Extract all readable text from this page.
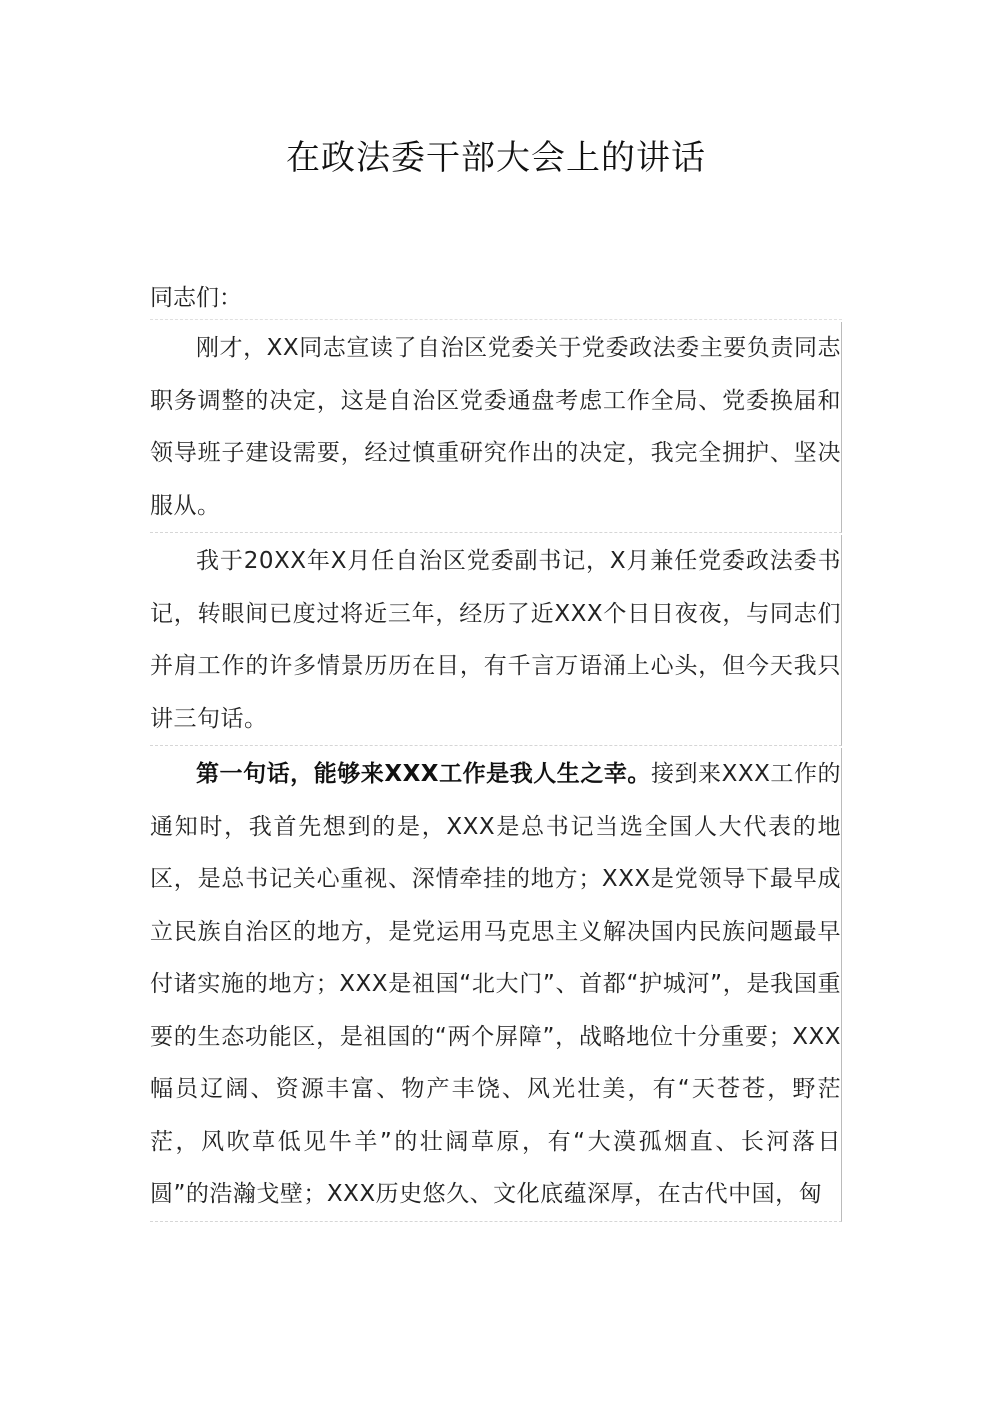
在政法委干部大会上的讲话
同志们：

刚才，XX同志宣读了自治区党委关于党委政法委主要负责同志职务调整的决定，这是自治区党委通盘考虑工作全局、党委换届和领导班子建设需要，经过慎重研究作出的决定，我完全拥护、坚决服从。

我于20XX年X月任自治区党委副书记，X月兼任党委政法委书记，转眼间已度过将近三年，经历了近XXX个日日夜夜，与同志们并肩工作的许多情景历历在目，有千言万语涌上心头，但今天我只讲三句话。

第一句话，能够来XXX工作是我人生之幸。接到来XXX工作的通知时，我首先想到的是，XXX是总书记当选全国人大代表的地区，是总书记关心重视、深情牵挂的地方；XXX是党领导下最早成立民族自治区的地方，是党运用马克思主义解决国内民族问题最早付诸实施的地方；XXX是祖国“北大门”、首都“护城河”，是我国重要的生态功能区，是祖国的“两个屏障”，战略地位十分重要；XXX幅员辽阔、资源丰富、物产丰饶、风光壮美，有“天苍苍，野茫茫，风吹草低见牛羊”的壮阔草原，有“大漠孤烟直、长河落日圆”的浩瀚戈壁；XXX历史悠久、文化底蕴深厚，在古代中国，匈
